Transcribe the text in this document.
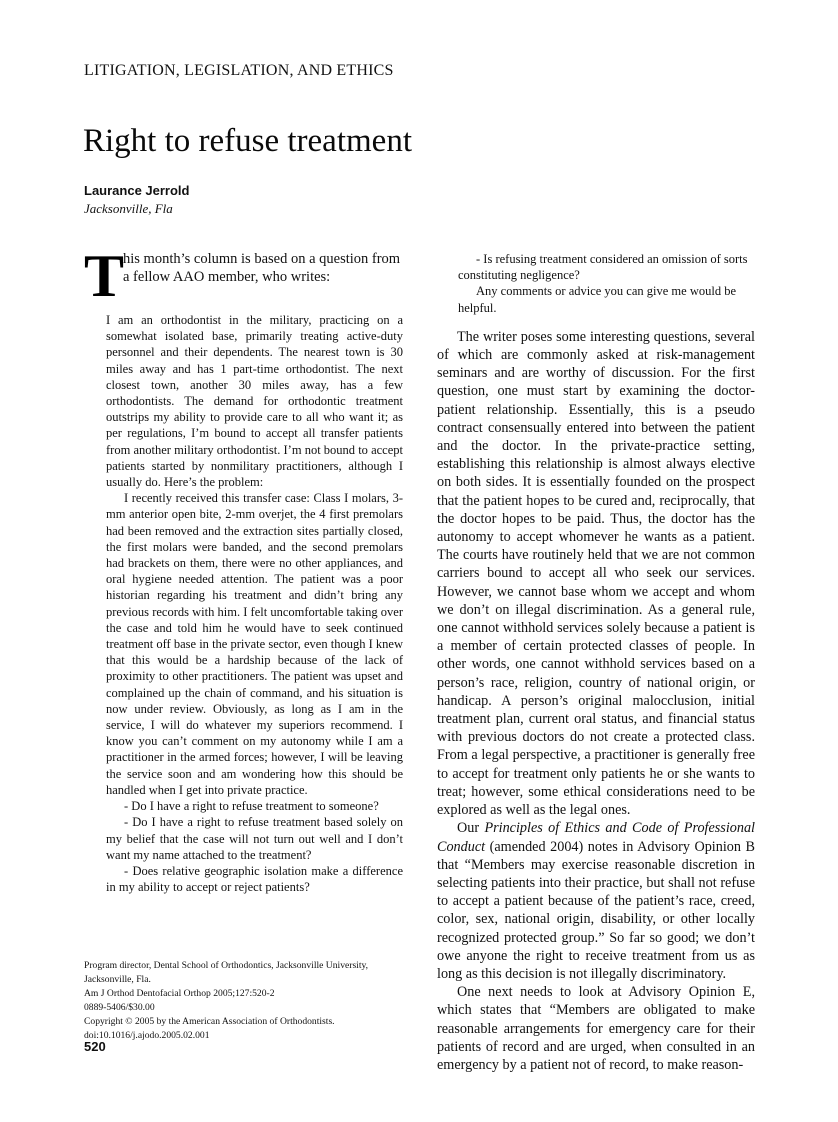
LITIGATION, LEGISLATION, AND ETHICS
Right to refuse treatment
Laurance Jerrold
Jacksonville, Fla
T
his month’s column is based on a question from a fellow AAO member, who writes:

I am an orthodontist in the military, practicing on a somewhat isolated base, primarily treating active-duty personnel and their dependents. The nearest town is 30 miles away and has 1 part-time orthodontist. The next closest town, another 30 miles away, has a few orthodontists. The demand for orthodontic treatment outstrips my ability to provide care to all who want it; as per regulations, I’m bound to accept all transfer patients from another military orthodontist. I’m not bound to accept patients started by nonmilitary practitioners, although I usually do. Here’s the problem:

I recently received this transfer case: Class I molars, 3-mm anterior open bite, 2-mm overjet, the 4 first premolars had been removed and the extraction sites partially closed, the first molars were banded, and the second premolars had brackets on them, there were no other appliances, and oral hygiene needed attention. The patient was a poor historian regarding his treatment and didn’t bring any previous records with him. I felt uncomfortable taking over the case and told him he would have to seek continued treatment off base in the private sector, even though I knew that this would be a hardship because of the lack of proximity to other practitioners. The patient was upset and complained up the chain of command, and his situation is now under review. Obviously, as long as I am in the service, I will do whatever my superiors recommend. I know you can’t comment on my autonomy while I am a practitioner in the armed forces; however, I will be leaving the service soon and am wondering how this should be handled when I get into private practice.

- Do I have a right to refuse treatment to someone?

- Do I have a right to refuse treatment based solely on my belief that the case will not turn out well and I don’t want my name attached to the treatment?

- Does relative geographic isolation make a difference in my ability to accept or reject patients?

- Is refusing treatment considered an omission of sorts constituting negligence?

Any comments or advice you can give me would be helpful.

The writer poses some interesting questions, several of which are commonly asked at risk-management seminars and are worthy of discussion. For the first question, one must start by examining the doctor-patient relationship. Essentially, this is a pseudo contract consensually entered into between the patient and the doctor. In the private-practice setting, establishing this relationship is almost always elective on both sides. It is essentially founded on the prospect that the patient hopes to be cured and, reciprocally, that the doctor hopes to be paid. Thus, the doctor has the autonomy to accept whomever he wants as a patient. The courts have routinely held that we are not common carriers bound to accept all who seek our services. However, we cannot base whom we accept and whom we don’t on illegal discrimination. As a general rule, one cannot withhold services solely because a patient is a member of certain protected classes of people. In other words, one cannot withhold services based on a person’s race, religion, country of national origin, or handicap. A person’s original malocclusion, initial treatment plan, current oral status, and financial status with previous doctors do not create a protected class. From a legal perspective, a practitioner is generally free to accept for treatment only patients he or she wants to treat; however, some ethical considerations need to be explored as well as the legal ones.

Our Principles of Ethics and Code of Professional Conduct (amended 2004) notes in Advisory Opinion B that “Members may exercise reasonable discretion in selecting patients into their practice, but shall not refuse to accept a patient because of the patient’s race, creed, color, sex, national origin, disability, or other locally recognized protected group.” So far so good; we don’t owe anyone the right to receive treatment from us as long as this decision is not illegally discriminatory.

One next needs to look at Advisory Opinion E, which states that “Members are obligated to make reasonable arrangements for emergency care for their patients of record and are urged, when consulted in an emergency by a patient not of record, to make reason-

Program director, Dental School of Orthodontics, Jacksonville University,
Jacksonville, Fla.
Am J Orthod Dentofacial Orthop 2005;127:520-2
0889-5406/$30.00
Copyright © 2005 by the American Association of Orthodontists.
doi:10.1016/j.ajodo.2005.02.001
520
